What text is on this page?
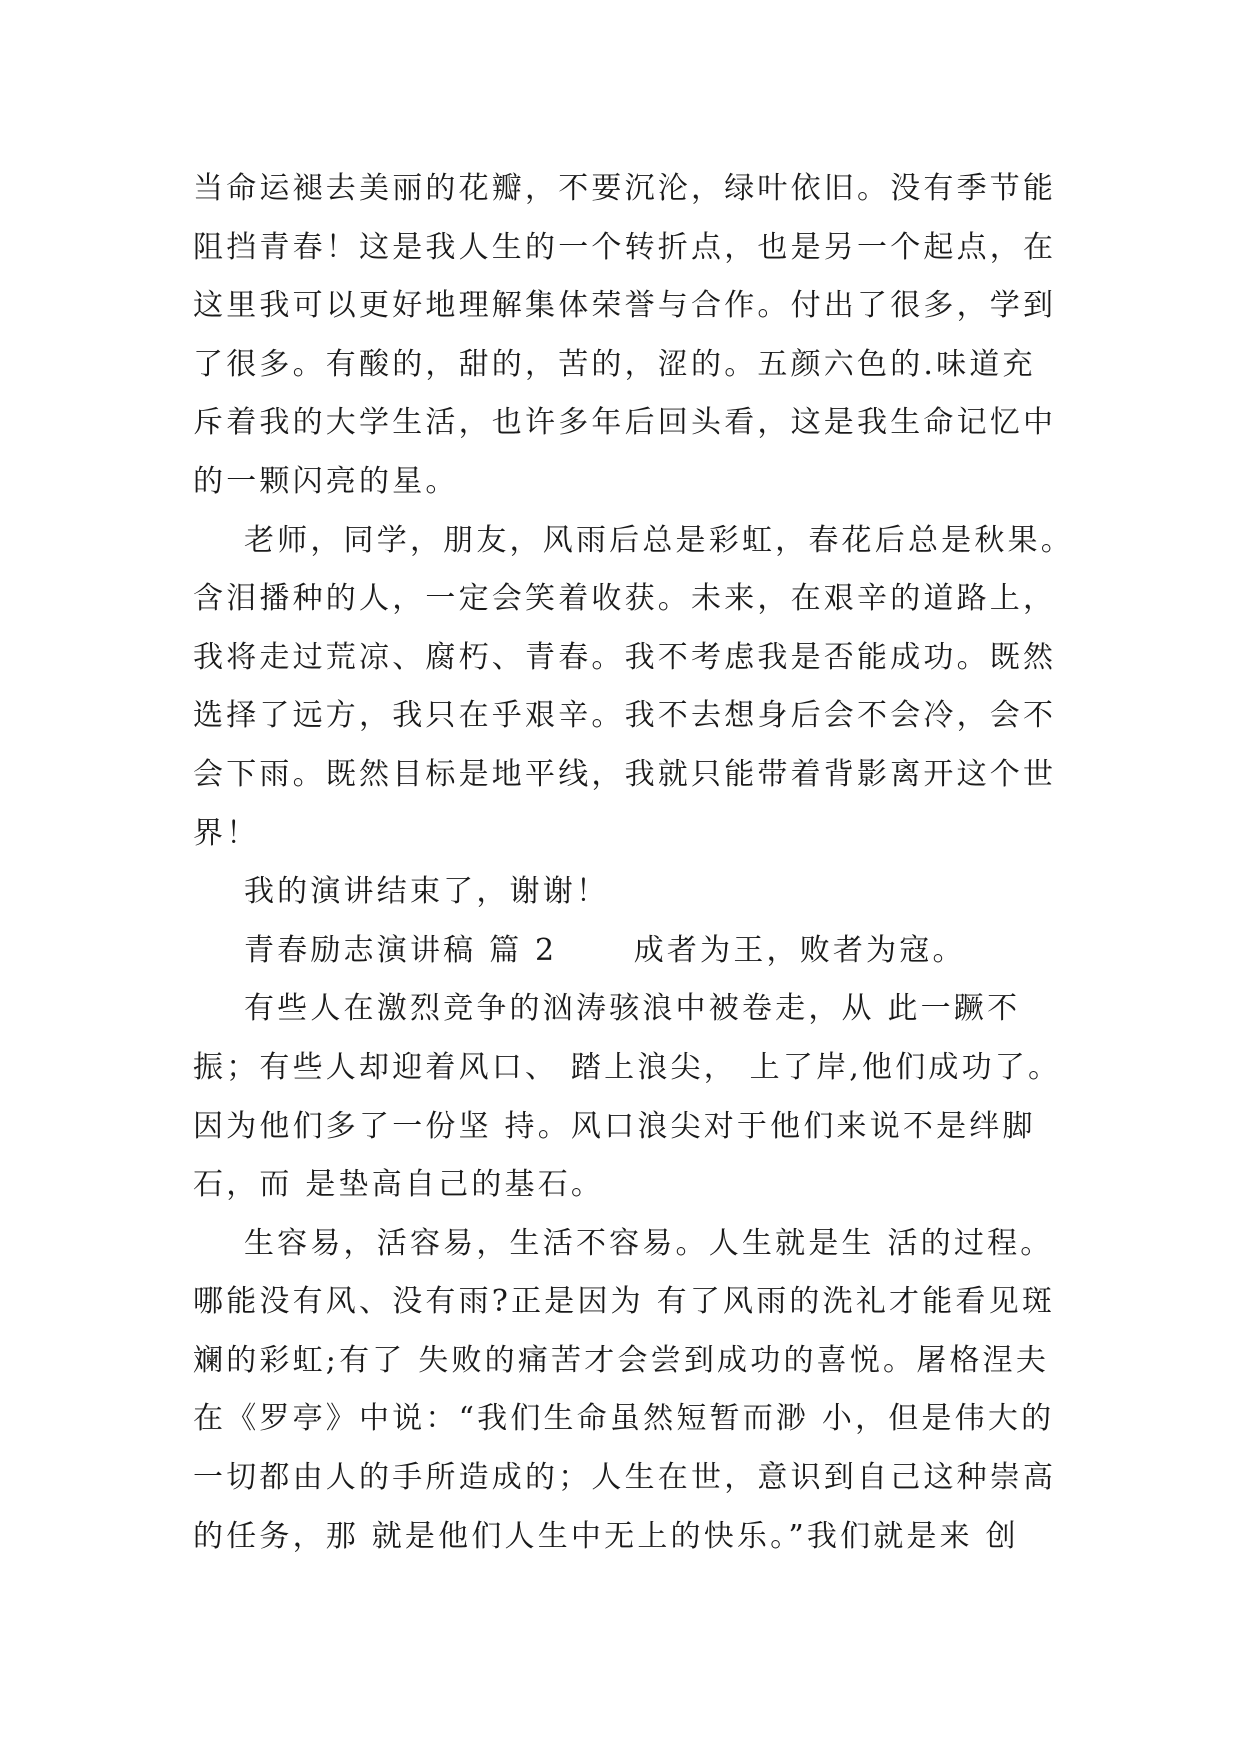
当命运褪去美丽的花瓣，不要沉沦，绿叶依旧。没有季节能
阻挡青春！这是我人生的一个转折点，也是另一个起点，在
这里我可以更好地理解集体荣誉与合作。付出了很多，学到
了很多。有酸的，甜的，苦的，涩的。五颜六色的.味道充
斥着我的大学生活，也许多年后回头看，这是我生命记忆中
的一颗闪亮的星。
老师，同学，朋友，风雨后总是彩虹，春花后总是秋果。
含泪播种的人，一定会笑着收获。未来，在艰辛的道路上，
我将走过荒凉、腐朽、青春。我不考虑我是否能成功。既然
选择了远方，我只在乎艰辛。我不去想身后会不会冷，会不
会下雨。既然目标是地平线，我就只能带着背影离开这个世
界！
我的演讲结束了，谢谢！
青春励志演讲稿 篇 2      成者为王，败者为寇。
有些人在激烈竞争的汹涛骇浪中被卷走，从 此一蹶不
振；有些人却迎着风口、 踏上浪尖， 上了岸,他们成功了。
因为他们多了一份坚 持。风口浪尖对于他们来说不是绊脚
石，而 是垫高自己的基石。
生容易，活容易，生活不容易。人生就是生 活的过程。
哪能没有风、没有雨?正是因为 有了风雨的洗礼才能看见斑
斓的彩虹;有了 失败的痛苦才会尝到成功的喜悦。屠格涅夫
在《罗亭》中说：“我们生命虽然短暂而渺 小，但是伟大的
一切都由人的手所造成的；人生在世，意识到自己这种崇高
的任务，那 就是他们人生中无上的快乐。”我们就是来 创
